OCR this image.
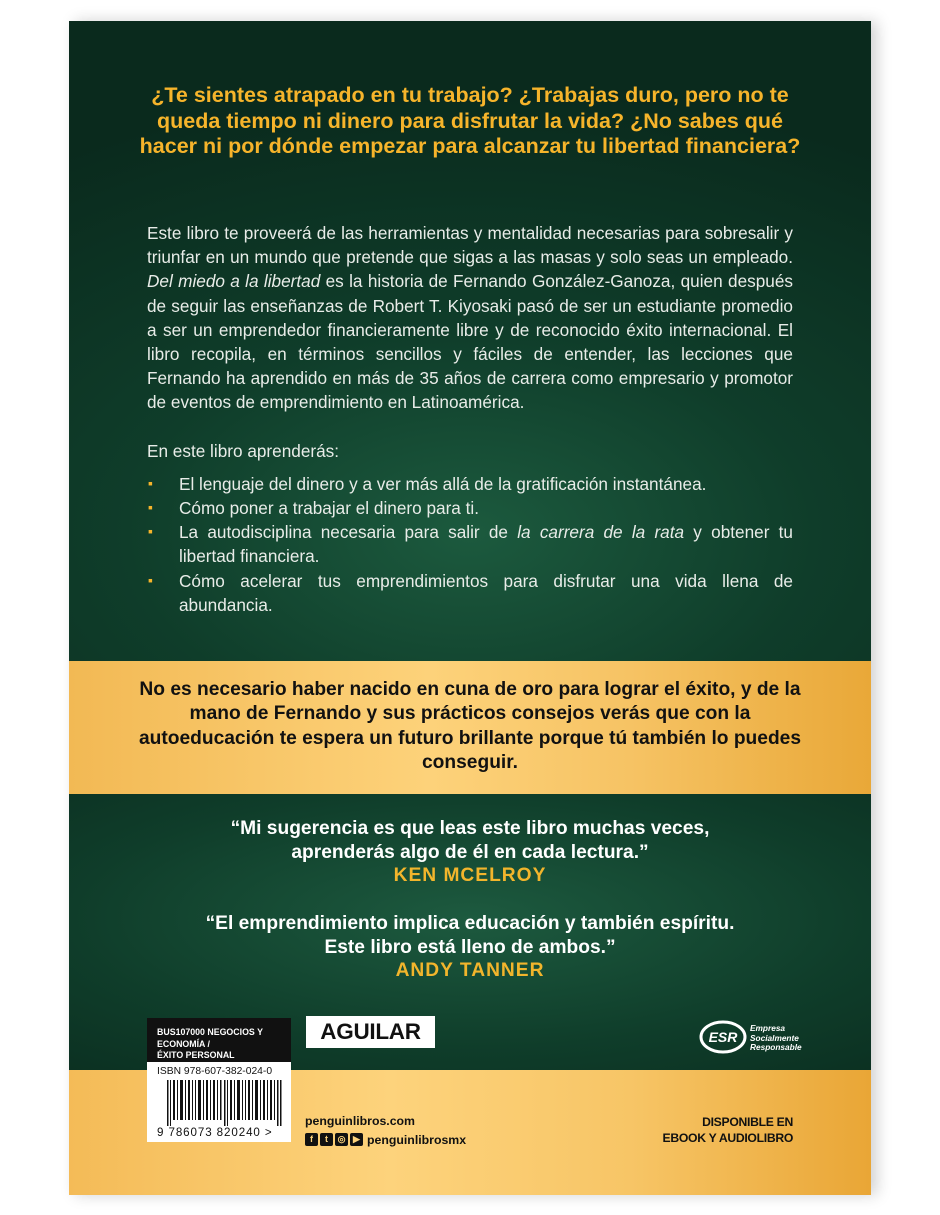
¿Te sientes atrapado en tu trabajo? ¿Trabajas duro, pero no te queda tiempo ni dinero para disfrutar la vida? ¿No sabes qué hacer ni por dónde empezar para alcanzar tu libertad financiera?

Este libro te proveerá de las herramientas y mentalidad necesarias para sobresalir y triunfar en un mundo que pretende que sigas a las masas y solo seas un empleado. Del miedo a la libertad es la historia de Fernando González-Ganoza, quien después de seguir las enseñanzas de Robert T. Kiyosaki pasó de ser un estudiante promedio a ser un emprendedor financieramente libre y de reconocido éxito internacional. El libro recopila, en términos sencillos y fáciles de entender, las lecciones que Fernando ha aprendido en más de 35 años de carrera como empresario y promotor de eventos de emprendimiento en Latinoamérica.

En este libro aprenderás:

▪ El lenguaje del dinero y a ver más allá de la gratificación instantánea.
▪ Cómo poner a trabajar el dinero para ti.
▪ La autodisciplina necesaria para salir de la carrera de la rata y obtener tu libertad financiera.
▪ Cómo acelerar tus emprendimientos para disfrutar una vida llena de abundancia.
No es necesario haber nacido en cuna de oro para lograr el éxito, y de la mano de Fernando y sus prácticos consejos verás que con la autoeducación te espera un futuro brillante porque tú también lo puedes conseguir.
“Mi sugerencia es que leas este libro muchas veces,
aprenderás algo de él en cada lectura.”
KEN MCELROY
“El emprendimiento implica educación y también espíritu.
Este libro está lleno de ambos.”
ANDY TANNER
BUS107000 NEGOCIOS Y ECONOMÍA /
ÉXITO PERSONAL
AGUILAR	ESR
Empresa
Socialmente
Responsable
ISBN 978-607-382-024-0
9 786073 820240 >
penguinlibros.com
f t ◎ ▶ penguinlibrosmx
DISPONIBLE EN
EBOOK Y AUDIOLIBRO
